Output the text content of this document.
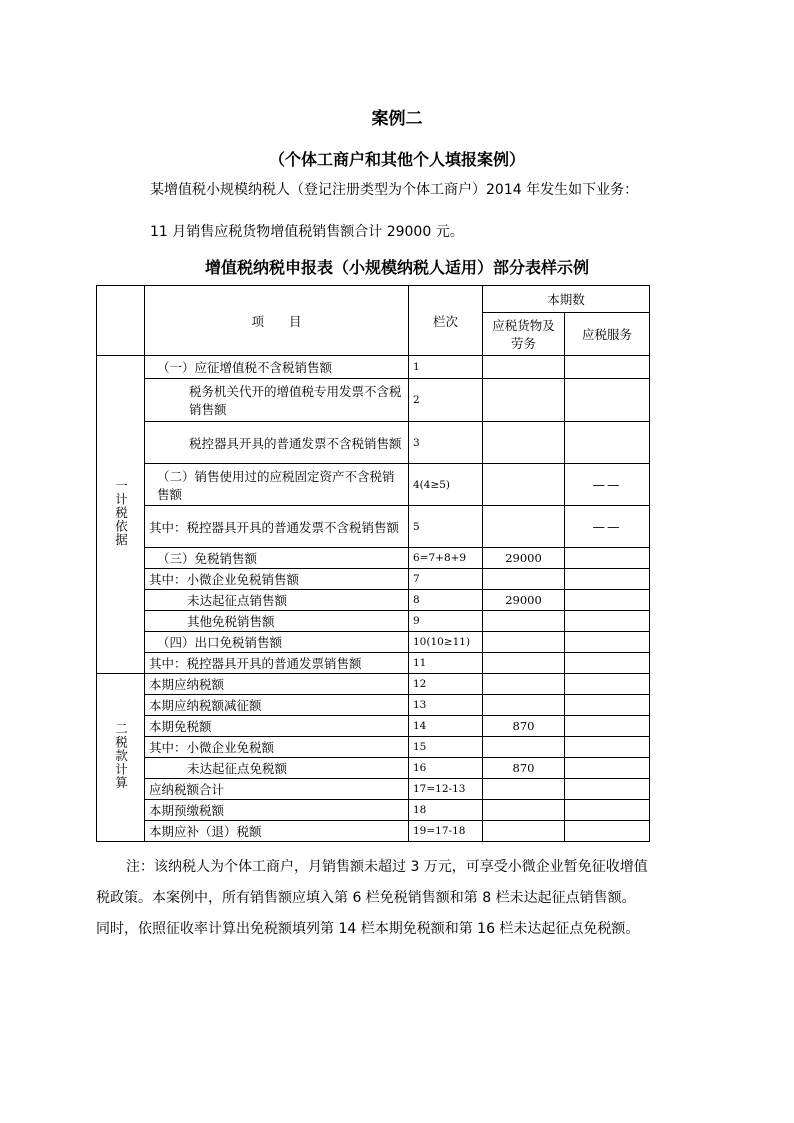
案例二
（个体工商户和其他个人填报案例）
某增值税小规模纳税人（登记注册类型为个体工商户）2014 年发生如下业务：
11 月销售应税货物增值税销售额合计 29000 元。
增值税纳税申报表（小规模纳税人适用）部分表样示例
	项　　目	栏次	本期数	
			应税货物及劳务	应税服务
一计税依据	（一）应征增值税不含税销售额	1		
	税务机关代开的增值税专用发票不含税销售额	2		
	税控器具开具的普通发票不含税销售额	3		
	（二）销售使用过的应税固定资产不含税销售额	4(4≥5)		——
	其中：税控器具开具的普通发票不含税销售额	5		——
	（三）免税销售额	6=7+8+9	29000	
	其中：小微企业免税销售额	7		
	未达起征点销售额	8	29000	
	其他免税销售额	9		
	（四）出口免税销售额	10(10≥11)		
	其中：税控器具开具的普通发票销售额	11		
二税款计算	本期应纳税额	12		
	本期应纳税额减征额	13		
	本期免税额	14	870	
	其中：小微企业免税额	15		
	未达起征点免税额	16	870	
	应纳税额合计	17=12-13		
	本期预缴税额	18		
	本期应补（退）税额	19=17-18		
注：该纳税人为个体工商户，月销售额未超过 3 万元，可享受小微企业暂免征收增值税政策。本案例中，所有销售额应填入第 6 栏免税销售额和第 8 栏未达起征点销售额。同时，依照征收率计算出免税额填列第 14 栏本期免税额和第 16 栏未达起征点免税额。
